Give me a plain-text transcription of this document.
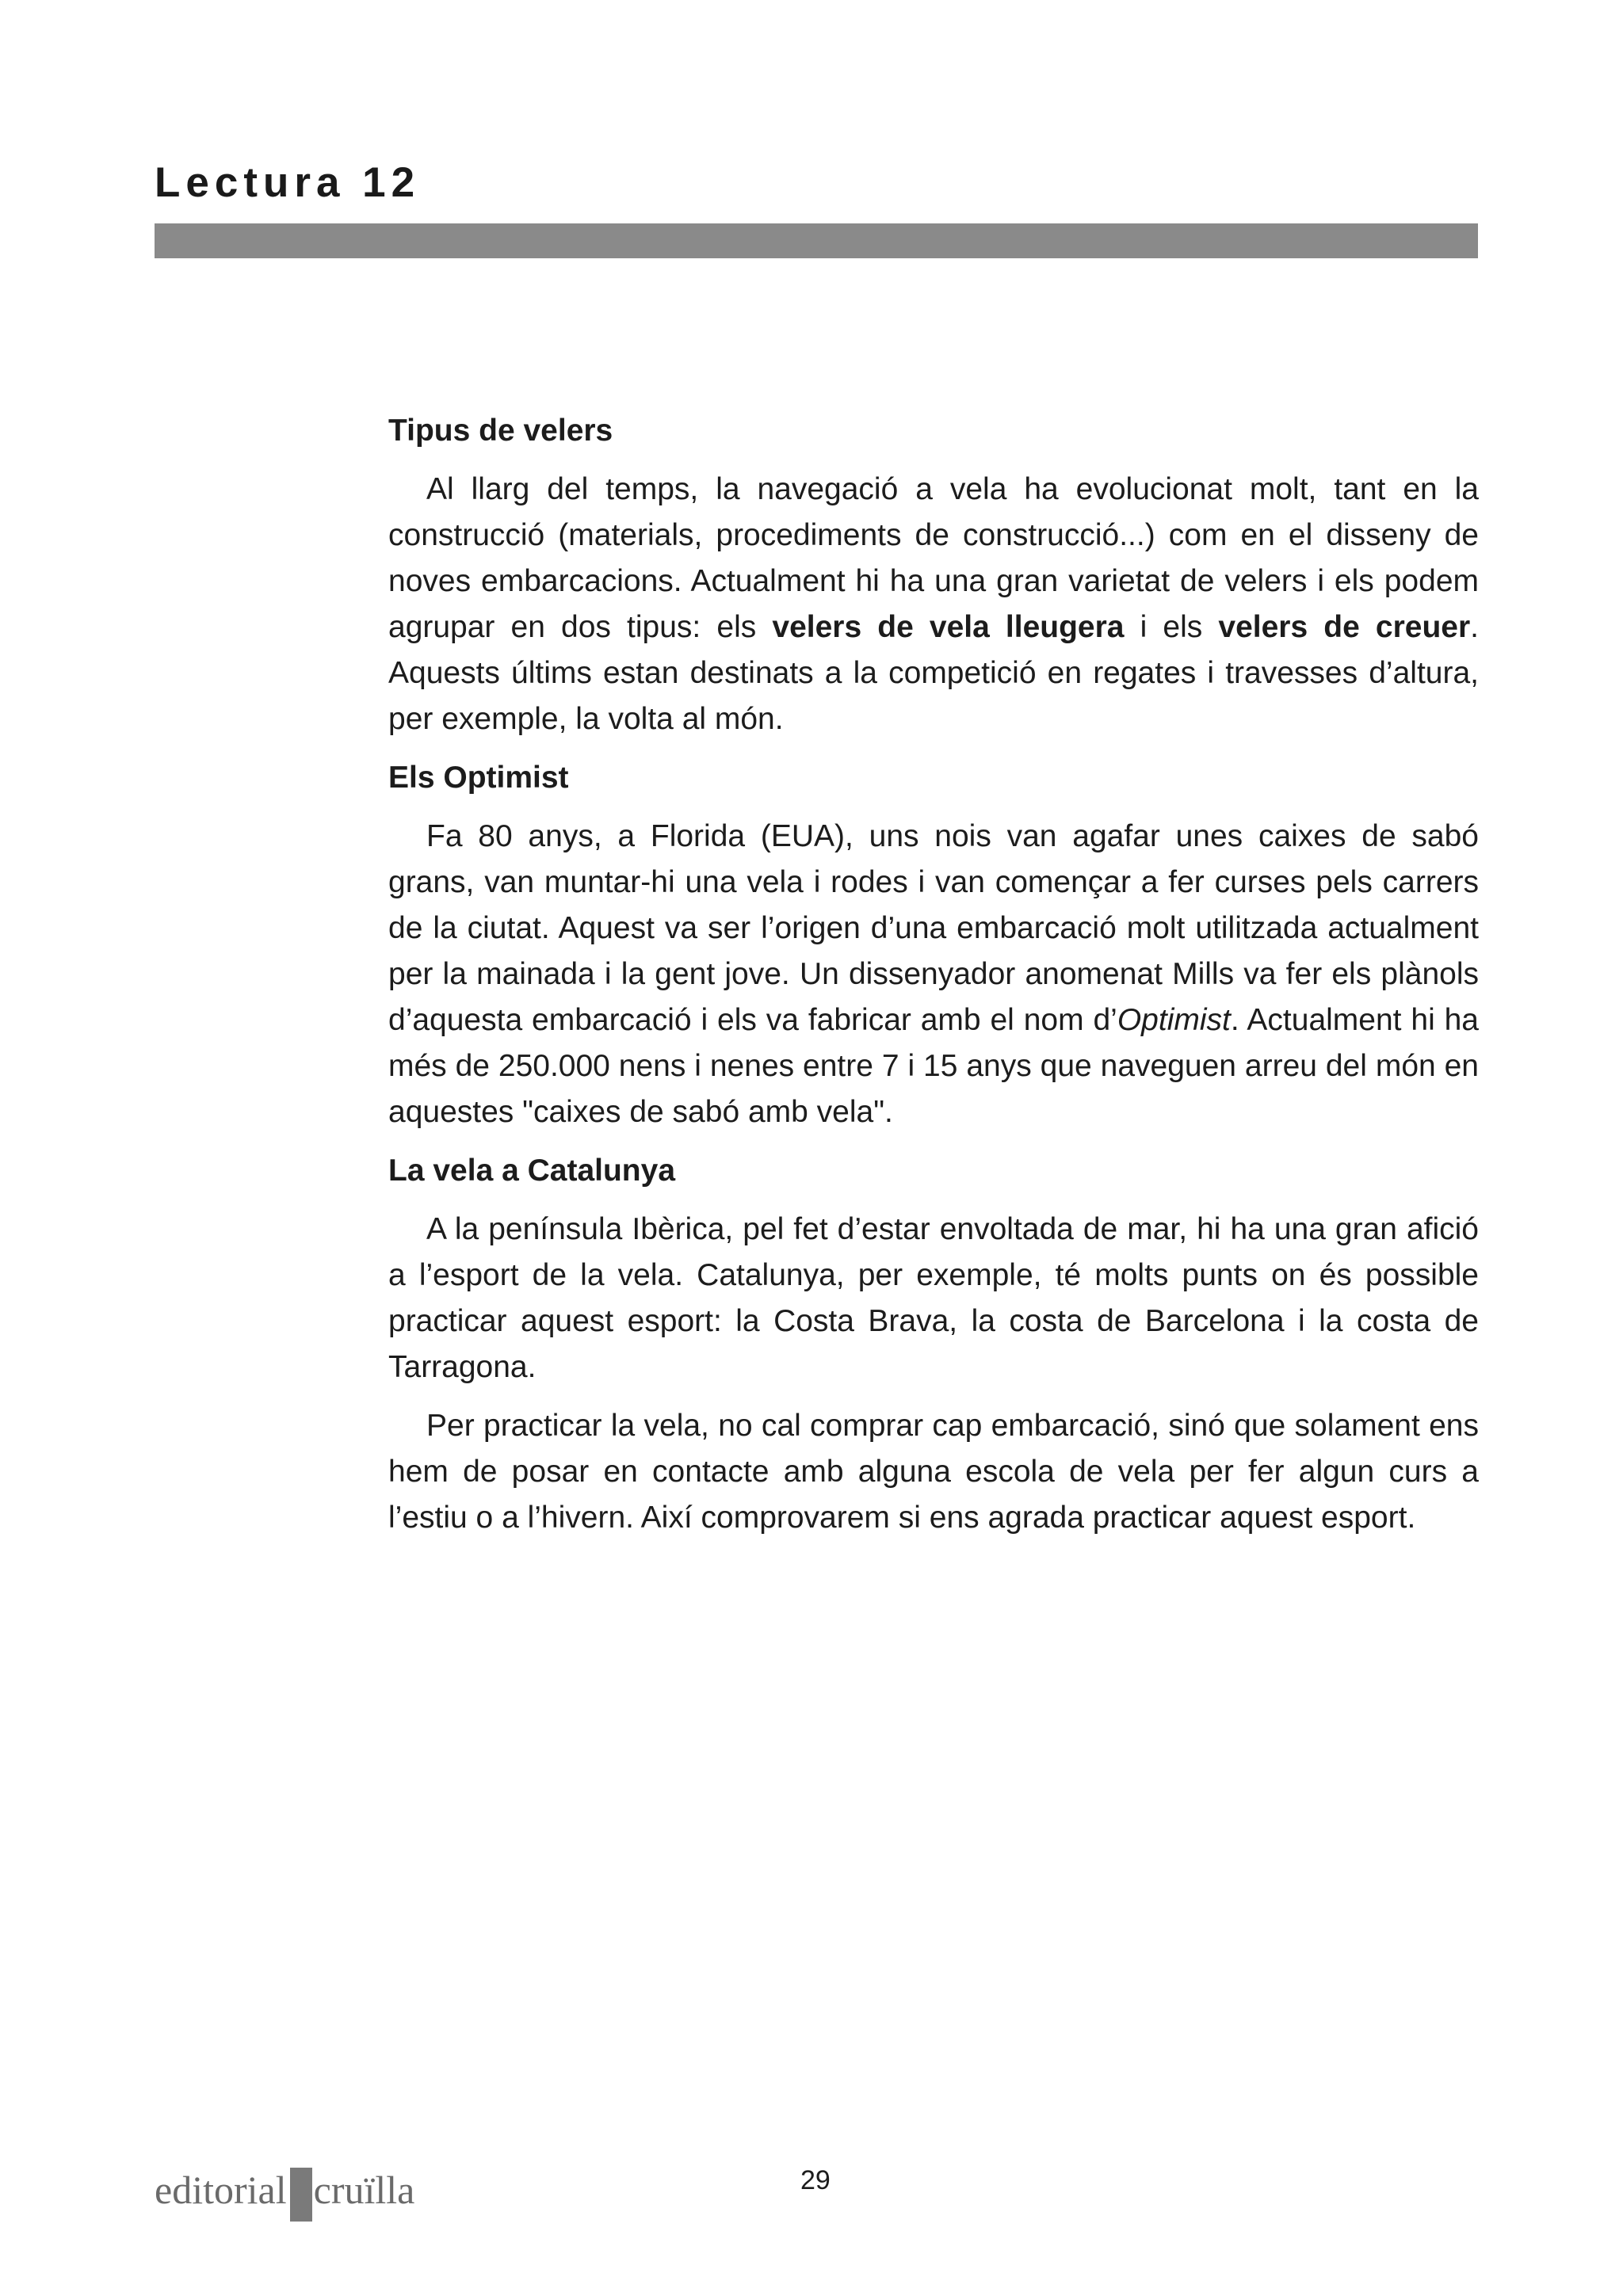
Lectura 12
Tipus de velers
Al llarg del temps, la navegació a vela ha evolucionat molt, tant en la construcció (materials, procediments de construcció...) com en el disseny de noves embarcacions. Actualment hi ha una gran varietat de velers i els podem agrupar en dos tipus: els velers de vela lleugera i els velers de creuer. Aquests últims estan destinats a la competició en regates i travesses d’altura, per exemple, la volta al món.
Els Optimist
Fa 80 anys, a Florida (EUA), uns nois van agafar unes caixes de sabó grans, van muntar-hi una vela i rodes i van començar a fer curses pels carrers de la ciutat. Aquest va ser l’origen d’una embarcació molt utilitzada actualment per la mainada i la gent jove. Un dissenyador anomenat Mills va fer els plànols d’aquesta embarcació i els va fabricar amb el nom d’Optimist. Actualment hi ha més de 250.000 nens i nenes entre 7 i 15 anys que naveguen arreu del món en aquestes "caixes de sabó amb vela".
La vela a Catalunya
A la península Ibèrica, pel fet d’estar envoltada de mar, hi ha una gran afició a l’esport de la vela. Catalunya, per exemple, té molts punts on és possible practicar aquest esport: la Costa Brava, la costa de Barcelona i la costa de Tarragona.
Per practicar la vela, no cal comprar cap embarcació, sinó que solament ens hem de posar en contacte amb alguna escola de vela per fer algun curs a l’estiu o a l’hivern. Així comprovarem si ens agrada practicar aquest esport.
editorial c ruïlla	29
